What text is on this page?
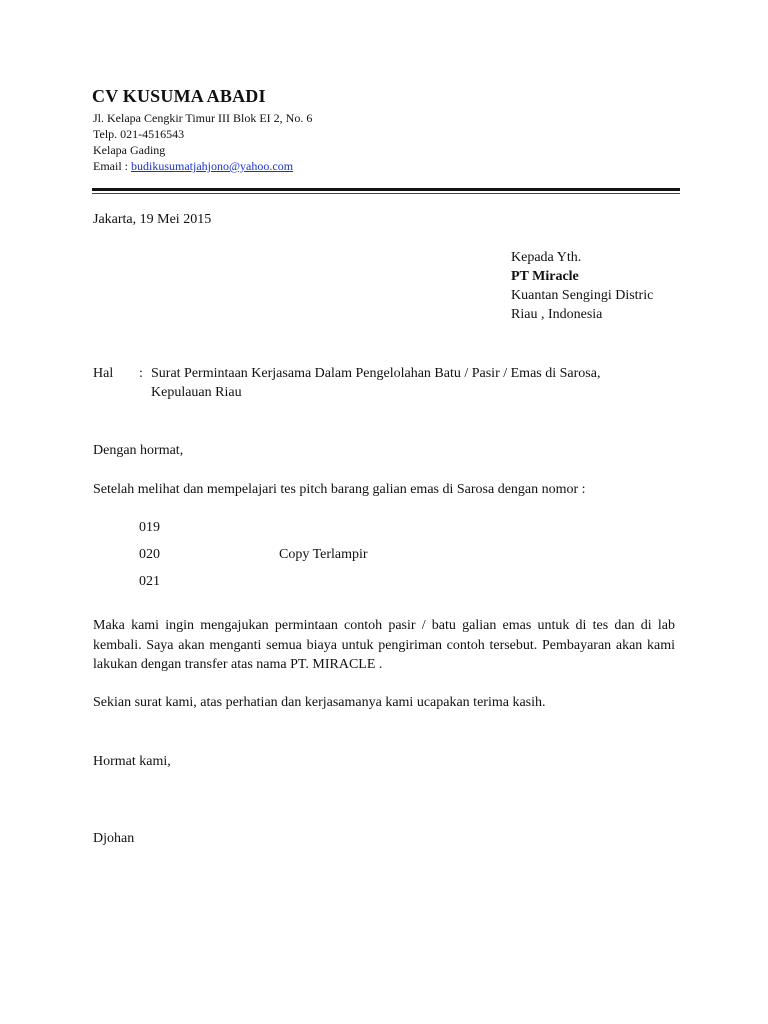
CV KUSUMA ABADI
Jl. Kelapa Cengkir Timur III Blok EI 2, No. 6
Telp. 021-4516543
Kelapa Gading
Email : budikusumatjahjono@yahoo.com
Jakarta, 19 Mei 2015
Kepada Yth.
PT Miracle
Kuantan Sengingi Distric
Riau , Indonesia
Hal : Surat Permintaan Kerjasama Dalam Pengelolahan Batu / Pasir / Emas di Sarosa,
Kepulauan Riau
Dengan hormat,
Setelah melihat dan mempelajari tes pitch barang galian emas di Sarosa dengan nomor :
019
020
021
Copy Terlampir
Maka kami ingin mengajukan permintaan contoh pasir / batu galian emas untuk di tes dan di lab kembali. Saya akan menganti semua biaya untuk pengiriman contoh tersebut. Pembayaran akan kami lakukan dengan transfer atas nama PT. MIRACLE .
Sekian surat kami, atas perhatian dan kerjasamanya kami ucapakan terima kasih.
Hormat kami,
Djohan
